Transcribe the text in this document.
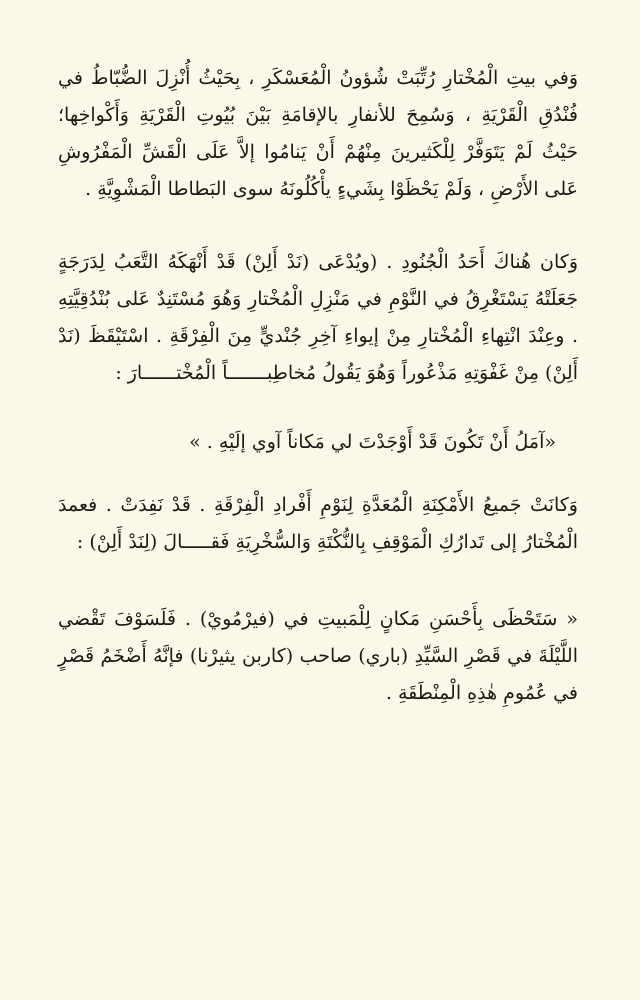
وَفي بيتِ الْمُخْتارِ رُتِّبَتْ شُؤونُ الْمُعَسْكَرِ ، بِحَيْثُ أُنْزِلَ الضُّبّاطُ في فُنْدُقِ الْقَرْيَةِ ، وَسُمِحَ للأنفارِ بالإقامَةِ بَيْنَ بُيُوتِ الْقَرْيَةِ وَأَكْواخِها؛ حَيْثُ لَمْ يَتَوَفَّرْ لِلْكَثيرينَ مِنْهُمْ أَنْ يَنامُوا إلاَّ عَلَى الْقَشِّ الْمَفْرُوشِ عَلى الأَرْضِ ، وَلَمْ يَحْظَوْا بِشَيءٍ يأْكُلُونَهُ سوى البَطاطا الْمَشْوِيَّةِ .

وَكان هُناكَ أَحَدُ الْجُنُودِ . (ويُدْعَى (نَدْ أَلِنْ) قَدْ أَنْهَكَهُ التَّعَبُ لِدَرَجَةٍ جَعَلَتْهُ يَسْتَغْرِقُ في النَّوْمِ في مَنْزِلِ الْمُخْتارِ وَهُوَ مُسْتَنِدٌ عَلى بُنْدُقِيَّتِهِ . وعِنْدَ انْتِهاءِ الْمُخْتارِ مِنْ إيواءِ آخِرِ جُنْديٍّ مِنَ الْفِرْقَةِ . اسْتَيْقَظَ (نَدْ أَلِنْ) مِنْ غَفْوَتِهِ مَذْعُوراً وَهُوَ يَقُولُ مُخاطِبـــــــاً الْمُخْتــــــارَ :

«آمَلُ أَنْ تَكُونَ قَدْ أَوْجَدْتَ لي مَكاناً آوي إلَيْهِ . »

وَكانَتْ جَميعُ الأَمْكِنَةِ الْمُعَدَّةِ لِنَوْمِ أَفْرادِ الْفِرْقَةِ . قَدْ نَفِدَتْ . فعمدَ الْمُخْتارُ إلى تَدارُكِ الْمَوْقِفِ بِالنُّكْتَةِ وَالسُّخْرِيَةِ فَقـــــالَ (لِنَدْ أَلِنْ) :

« سَتَحْظَى بِأَحْسَنِ مَكانٍ لِلْمَبيتِ في (فيرْمُويْ) . فَلَسَوْفَ تَقْضي اللَّيْلَةَ في قَصْرِ السَّيِّدِ (باري) صاحب (كاربن يثيرْنا) فإنَّهُ أَضْخَمُ قَصْرٍ في عُمُومِ هٰذِهِ الْمِنْطَقَةِ .
